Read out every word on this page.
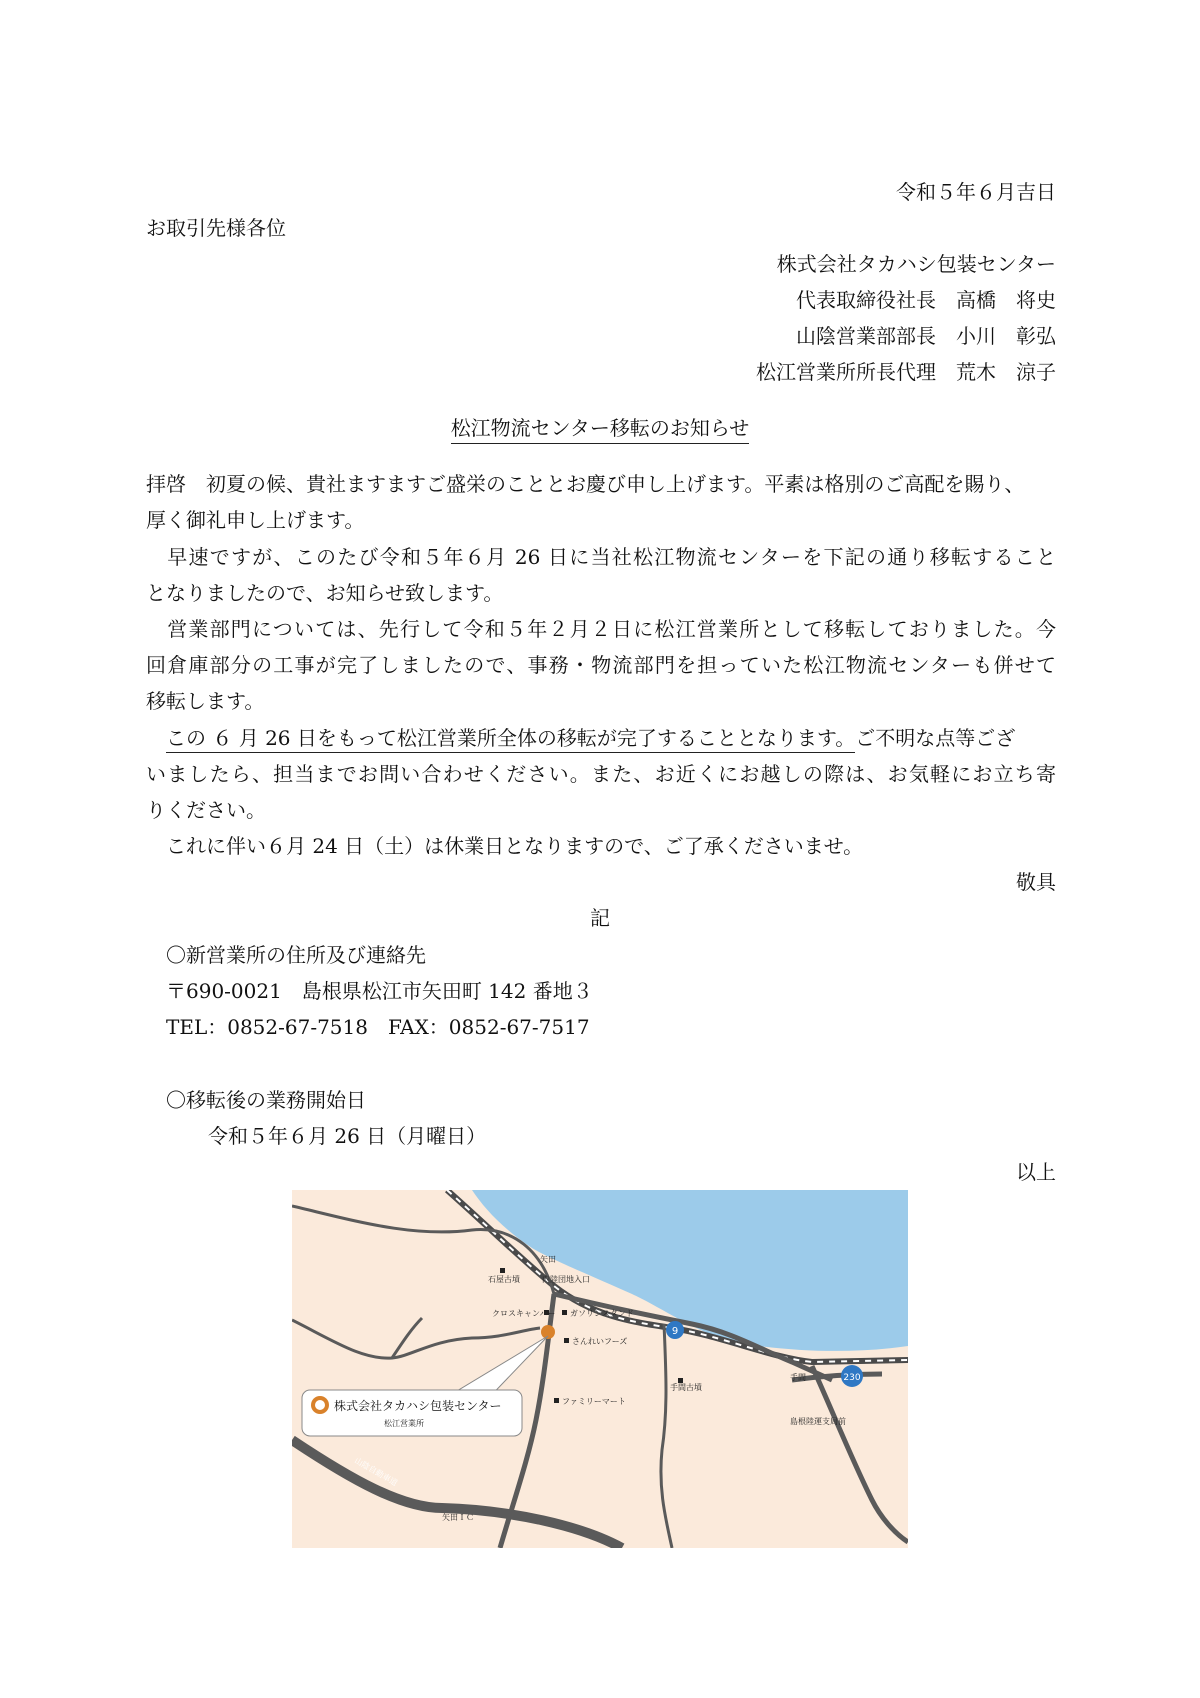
令和５年６月吉日
お取引先様各位
株式会社タカハシ包装センター
代表取締役社長　高橋　将史
山陰営業部部長　小川　彰弘
松江営業所所長代理　荒木　涼子
松江物流センター移転のお知らせ
拝啓　初夏の候、貴社ますますご盛栄のこととお慶び申し上げます。平素は格別のご高配を賜り、
厚く御礼申し上げます。
　早速ですが、このたび令和５年６月 26 日に当社松江物流センターを下記の通り移転すること
となりましたので、お知らせ致します。
　営業部門については、先行して令和５年２月２日に松江営業所として移転しておりました。今
回倉庫部分の工事が完了しましたので、事務・物流部門を担っていた松江物流センターも併せて
移転します。
この ６ 月 26 日をもって松江営業所全体の移転が完了することとなります。ご不明な点等ござ
いましたら、担当までお問い合わせください。また、お近くにお越しの際は、お気軽にお立ち寄
りください。
これに伴い６月 24 日（土）は休業日となりますので、ご了承くださいませ。
敬具
記
〇新営業所の住所及び連絡先
〒690-0021　島根県松江市矢田町 142 番地３
TEL：0852-67-7518　FAX：0852-67-7517
〇移転後の業務開始日
令和５年６月 26 日（月曜日）
以上
9
230
矢田
石屋古墳	内陸団地入口
クロスキャンパー ガソリンスタンド
さんれいフーズ
ファミリーマート
手間古墳
手間
島根陸運支局前
矢田ＩＣ
山陰自動車道
株式会社タカハシ包装センター
松江営業所
